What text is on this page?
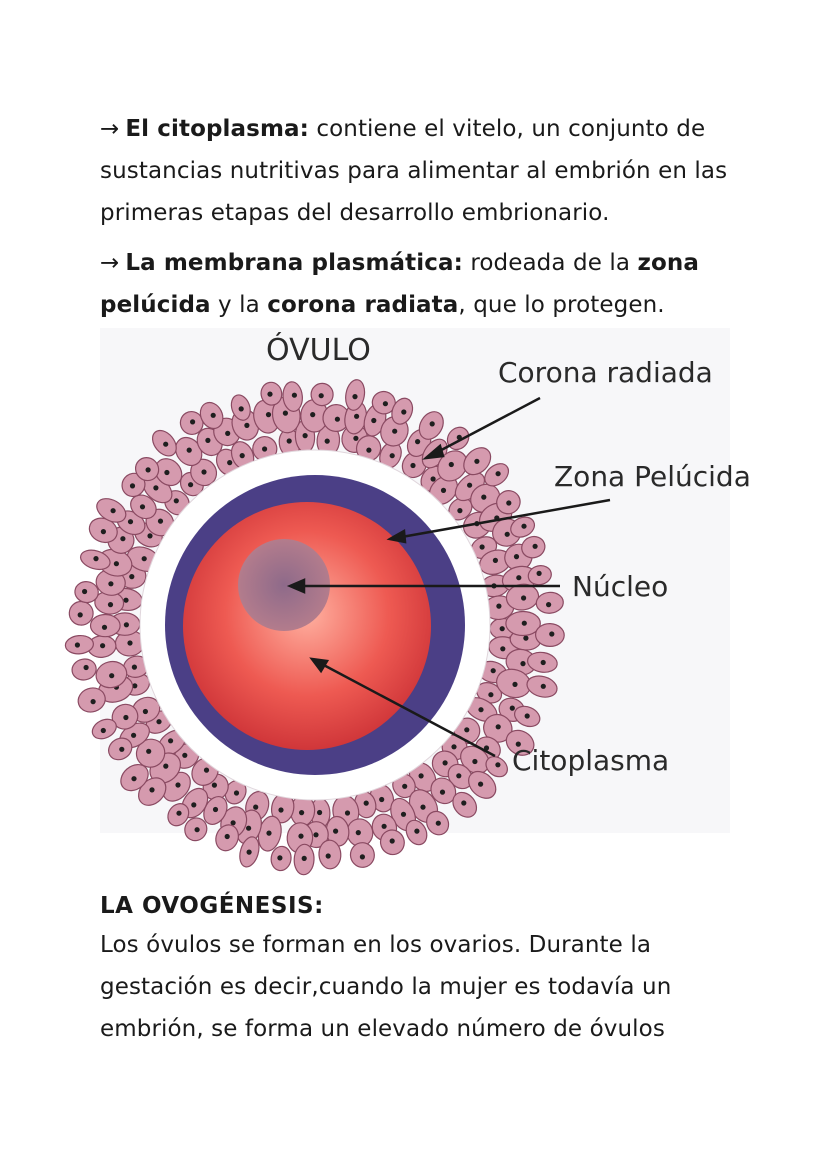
→ El citoplasma: contiene el vitelo, un conjunto de sustancias nutritivas para alimentar al embrión en las primeras etapas del desarrollo embrionario.

→ La membrana plasmática: rodeada de la zona pelúcida y la corona radiata, que lo protegen.

ÓVULO
Corona radiada
Zona Pelúcida
Núcleo
Citoplasma
LA OVOGÉNESIS:

Los óvulos se forman en los ovarios. Durante la gestación es decir,cuando la mujer es todavía un embrión, se forma un elevado número de óvulos
